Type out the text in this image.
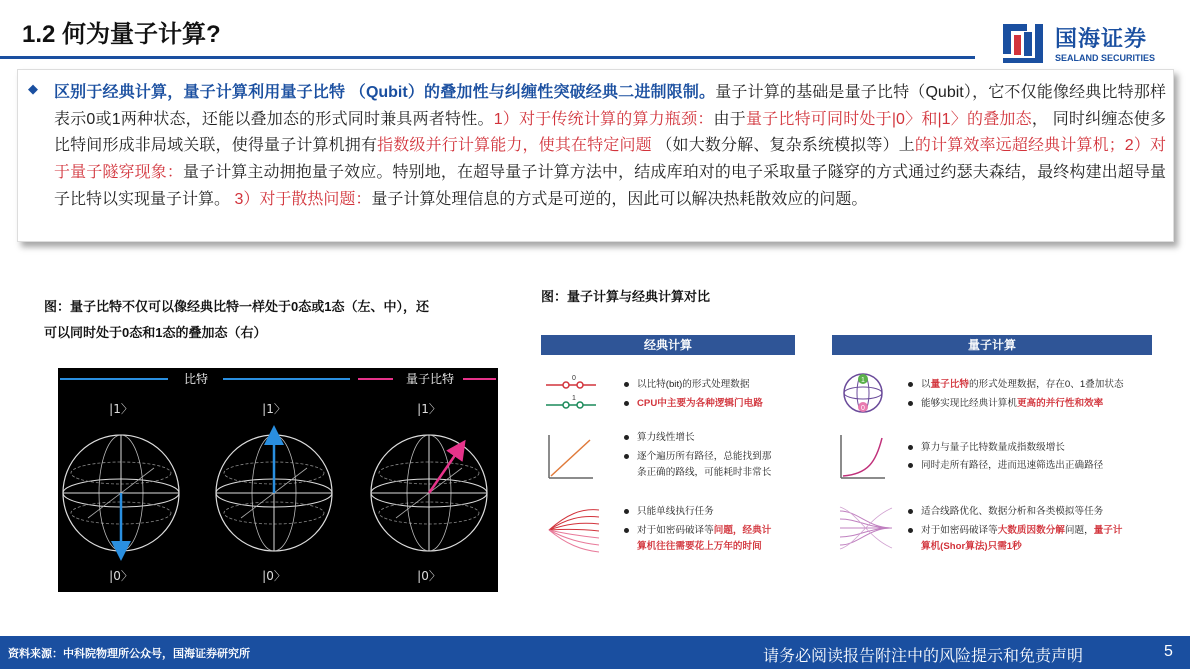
1.2 何为量子计算?	国海证券
SEALAND SECURITIES
◆ 区别于经典计算，量子计算利用量子比特 （Qubit）的叠加性与纠缠性突破经典二进制限制。量子计算的基础是量子比特（Qubit），它不仅能像经典比特那样表示0或1两种状态，还能以叠加态的形式同时兼具两者特性。1）对于传统计算的算力瓶颈：由于量子比特可同时处于|0〉和|1〉的叠加态， 同时纠缠态使多比特间形成非局域关联，使得量子计算机拥有指数级并行计算能力，使其在特定问题 （如大数分解、复杂系统模拟等）上的计算效率远超经典计算机；2）对于量子隧穿现象：量子计算主动拥抱量子效应。特别地，在超导量子计算方法中，结成库珀对的电子采取量子隧穿的方式通过约瑟夫森结，最终构建出超导量子比特以实现量子计算。 3）对于散热问题：量子计算处理信息的方式是可逆的，因此可以解决热耗散效应的问题。
图：量子比特不仅可以像经典比特一样处于0态或1态（左、中），还
可以同时处于0态和1态的叠加态（右）
比特	量子比特
|1〉
|0〉
|1〉
|0〉
|1〉
|0〉
图：量子计算与经典计算对比
经典计算	量子计算
0
1
以比特(bit)的形式处理数据
CPU中主要为各种逻辑门电路
算力线性增长
逐个遍历所有路径，总能找到那
条正确的路线，可能耗时非常长
只能单线执行任务
对于如密码破译等问题，经典计
算机往往需要花上万年的时间
1
0
以量子比特的形式处理数据，存在0、1叠加状态
能够实现比经典计算机更高的并行性和效率
算力与量子比特数量成指数级增长
同时走所有路径，进而迅速筛选出正确路径
适合线路优化、数据分析和各类模拟等任务
对于如密码破译等大数质因数分解问题，量子计
算机(Shor算法)只需1秒
资料来源：中科院物理所公众号，国海证券研究所	请务必阅读报告附注中的风险提示和免责声明	5
